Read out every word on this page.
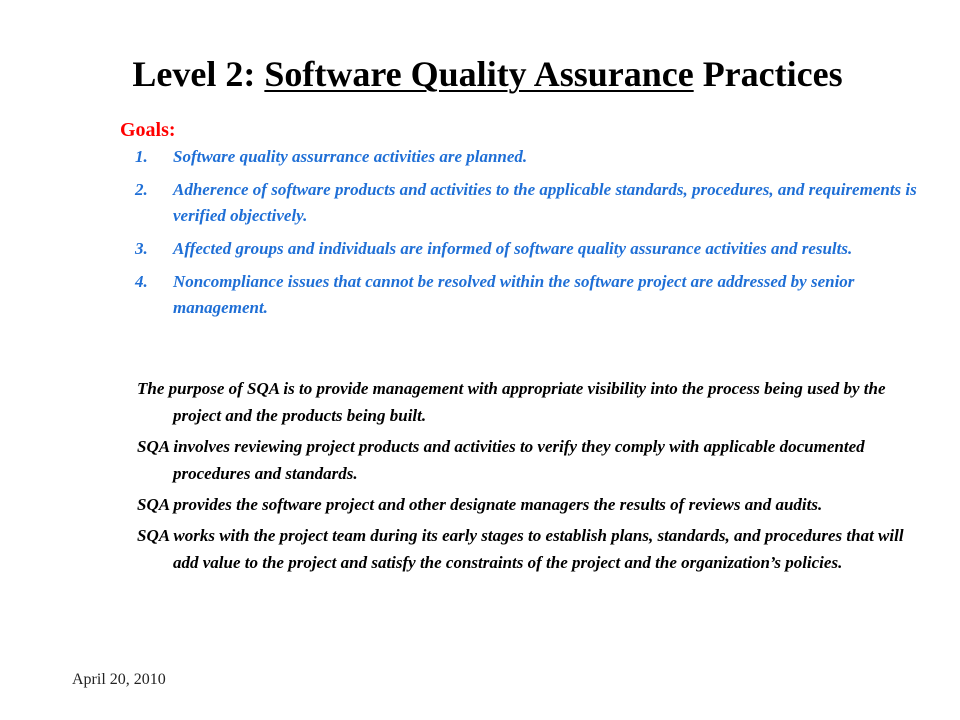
Level 2: Software Quality Assurance Practices
Goals:
1. Software quality assurrance activities are planned.
2. Adherence of software products and activities to the applicable standards, procedures, and requirements is verified objectively.
3. Affected groups and individuals are informed of software quality assurance activities and results.
4. Noncompliance issues that cannot be resolved within the software project are addressed by senior management.

The purpose of SQA is to provide management with appropriate visibility into the process being used by the project and the products being built.

SQA involves reviewing project products and activities to verify they comply with applicable documented procedures and standards.

SQA provides the software project and other designate managers the results of reviews and audits.

SQA works with the project team during its early stages to establish plans, standards, and procedures that will add value to the project and satisfy the constraints of the project and the organization’s policies.

April 20, 2010
